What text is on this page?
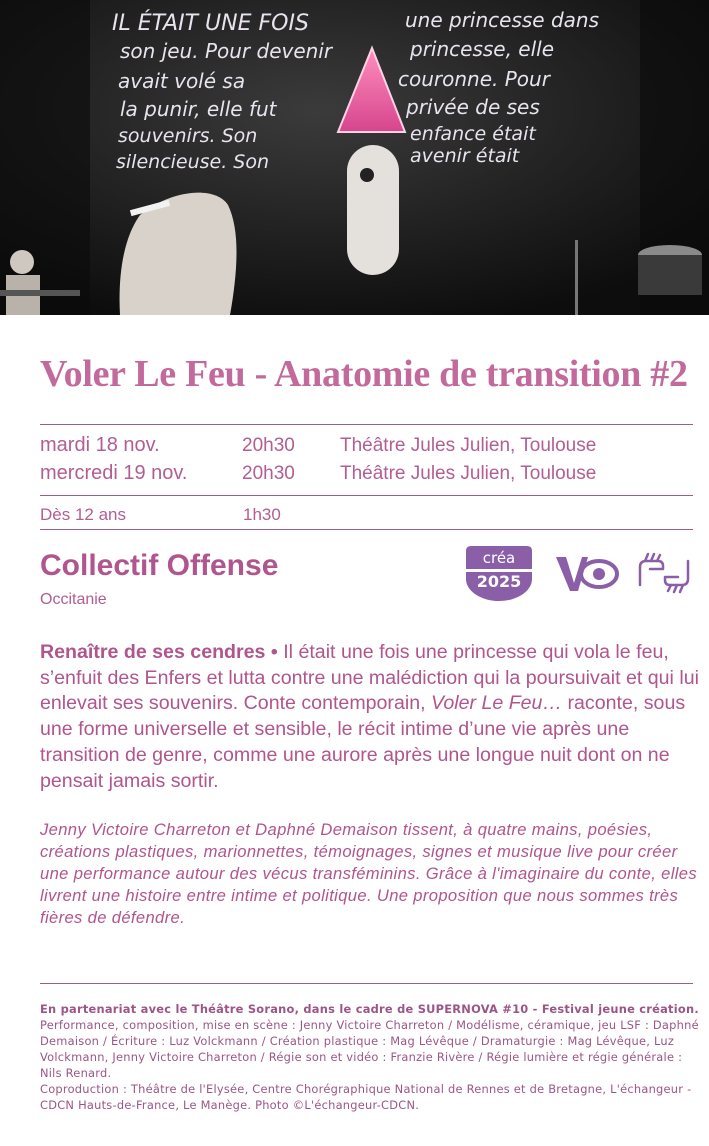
IL ÉTAIT UNE FOIS	une princesse dans
son jeu. Pour devenir	princesse, elle
avait volé sa	couronne. Pour
la punir, elle fut	privée de ses
souvenirs. Son	enfance était
silencieuse. Son	avenir était
Voler Le Feu - Anatomie de transition #2
mardi 18 nov.	20h30 Théâtre Jules Julien, Toulouse
mercredi 19 nov.	20h30 Théâtre Jules Julien, Toulouse
Dès 12 ans	1h30
Collectif Offense
Occitanie
créa
2025

Renaître de ses cendres • Il était une fois une princesse qui vola le feu, s’enfuit des Enfers et lutta contre une malédiction qui la poursuivait et qui lui enlevait ses souvenirs. Conte contemporain, Voler Le Feu… raconte, sous une forme universelle et sensible, le récit intime d’une vie après une transition de genre, comme une aurore après une longue nuit dont on ne pensait jamais sortir.

Jenny Victoire Charreton et Daphné Demaison tissent, à quatre mains, poésies, créations plastiques, marionnettes, témoignages, signes et musique live pour créer une performance autour des vécus transféminins. Grâce à l'imaginaire du conte, elles livrent une histoire entre intime et politique. Une proposition que nous sommes très fières de défendre.

En partenariat avec le Théâtre Sorano, dans le cadre de SUPERNOVA #10 - Festival jeune création.
Performance, composition, mise en scène : Jenny Victoire Charreton / Modélisme, céramique, jeu LSF : Daphné Demaison / Écriture : Luz Volckmann / Création plastique : Mag Lévêque / Dramaturgie : Mag Lévêque, Luz Volckmann, Jenny Victoire Charreton / Régie son et vidéo : Franzie Rivère / Régie lumière et régie générale : Nils Renard.
Coproduction : Théâtre de l'Elysée, Centre Chorégraphique National de Rennes et de Bretagne, L'échangeur - CDCN Hauts-de-France, Le Manège. Photo ©L'échangeur-CDCN.
